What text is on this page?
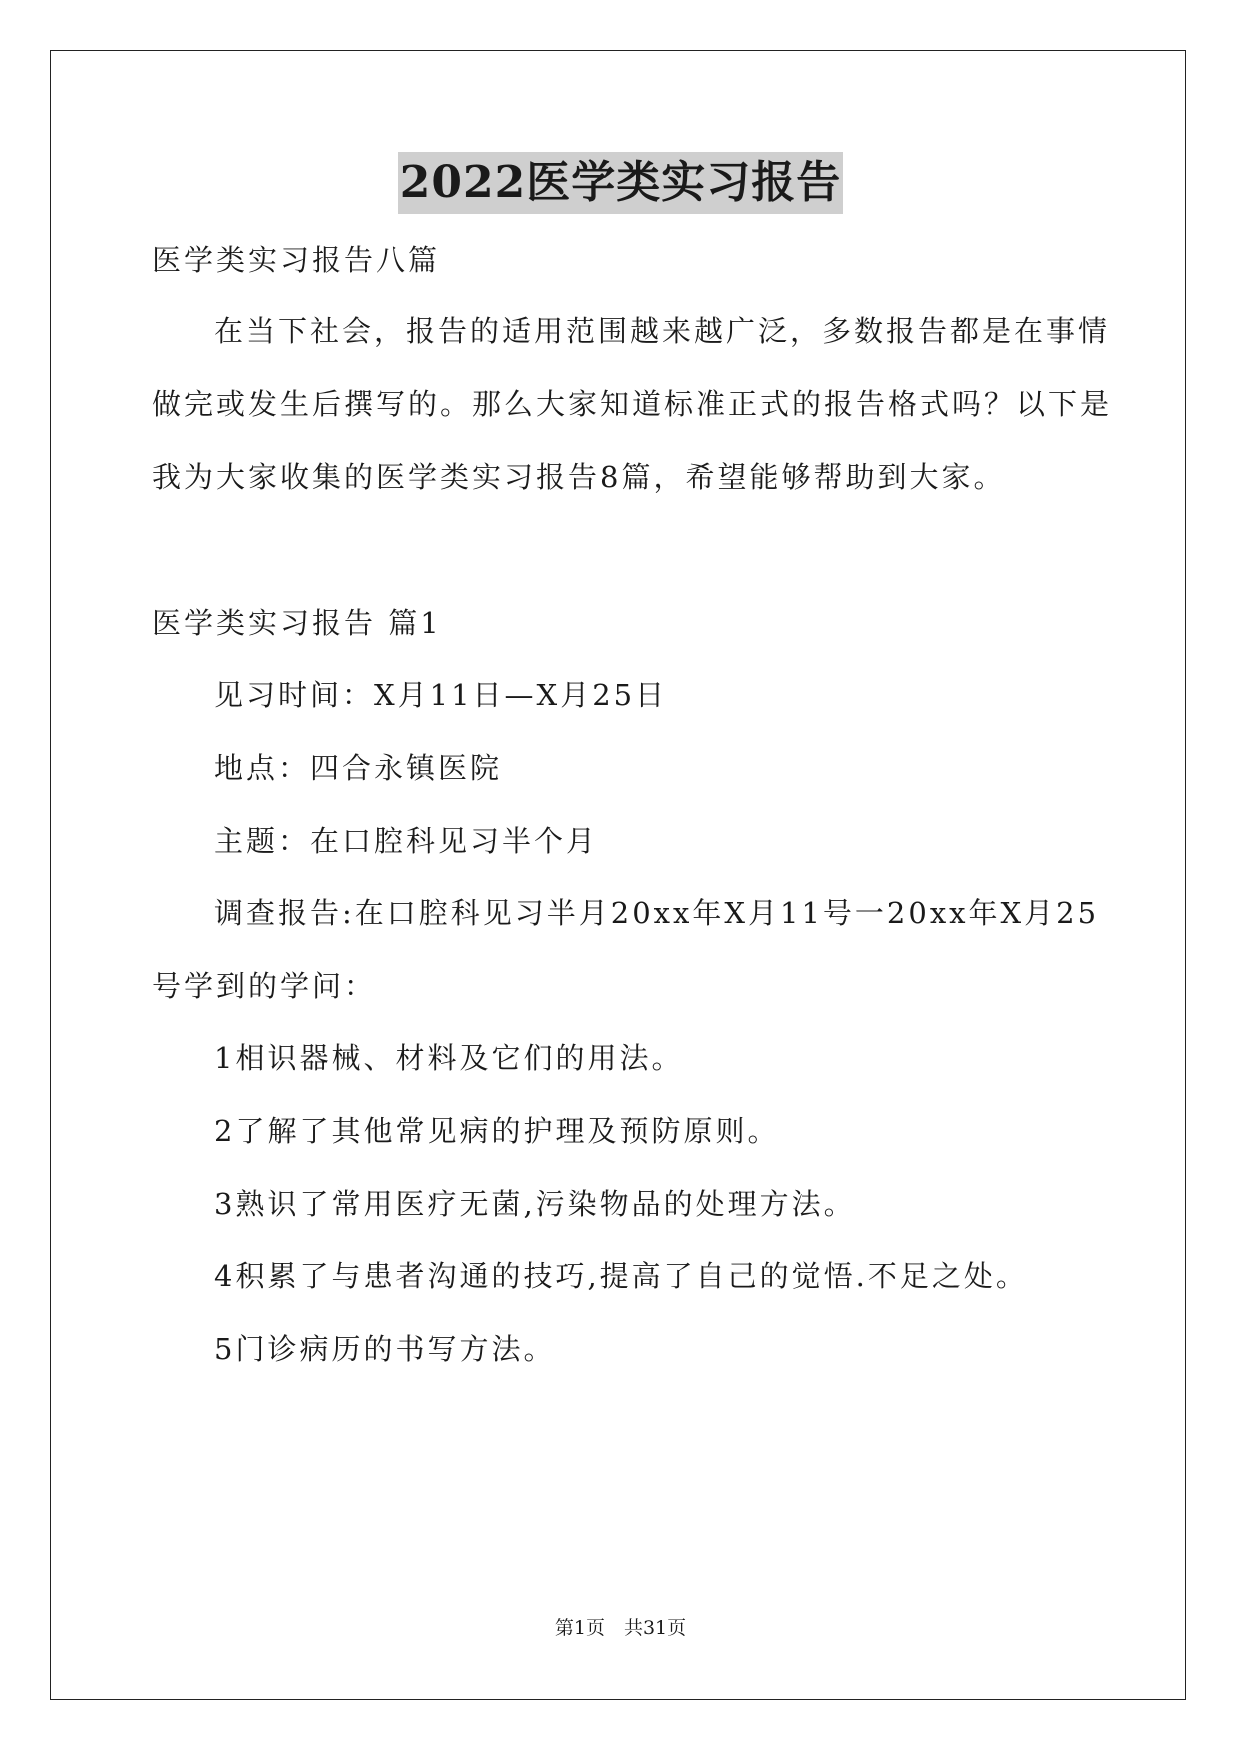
2022医学类实习报告
医学类实习报告八篇
在当下社会，报告的适用范围越来越广泛，多数报告都是在事情
做完或发生后撰写的。那么大家知道标准正式的报告格式吗？以下是
我为大家收集的医学类实习报告8篇，希望能够帮助到大家。
医学类实习报告 篇1
见习时间：X月11日—X月25日
地点：四合永镇医院
主题：在口腔科见习半个月
调查报告:在口腔科见习半月20xx年X月11号一20xx年X月25
号学到的学问：
1相识器械、材料及它们的用法。
2了解了其他常见病的护理及预防原则。
3熟识了常用医疗无菌,污染物品的处理方法。
4积累了与患者沟通的技巧,提高了自己的觉悟.不足之处。
5门诊病历的书写方法。
第1页　共31页
